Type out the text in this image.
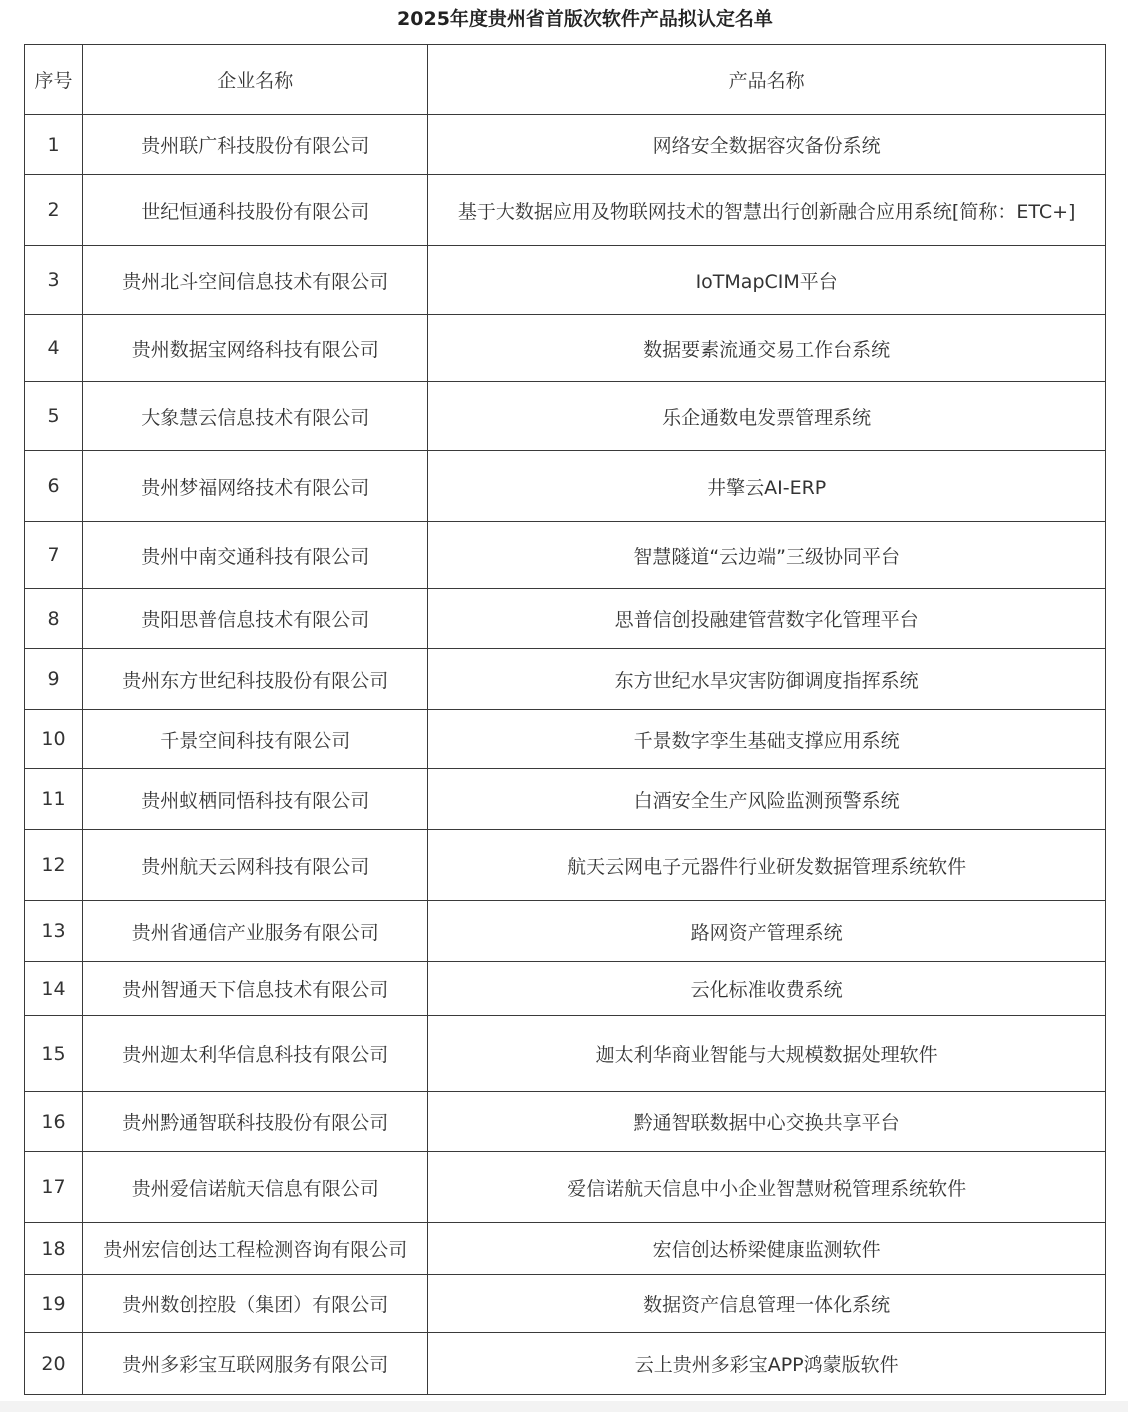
2025年度贵州省首版次软件产品拟认定名单
序号	企业名称	产品名称
1	贵州联广科技股份有限公司	网络安全数据容灾备份系统
2	世纪恒通科技股份有限公司	基于大数据应用及物联网技术的智慧出行创新融合应用系统[简称：ETC+]
3	贵州北斗空间信息技术有限公司	IoTMapCIM平台
4	贵州数据宝网络科技有限公司	数据要素流通交易工作台系统
5	大象慧云信息技术有限公司	乐企通数电发票管理系统
6	贵州梦福网络技术有限公司	井擎云AI-ERP
7	贵州中南交通科技有限公司	智慧隧道“云边端”三级协同平台
8	贵阳思普信息技术有限公司	思普信创投融建管营数字化管理平台
9	贵州东方世纪科技股份有限公司	东方世纪水旱灾害防御调度指挥系统
10	千景空间科技有限公司	千景数字孪生基础支撑应用系统
11	贵州蚁栖同悟科技有限公司	白酒安全生产风险监测预警系统
12	贵州航天云网科技有限公司	航天云网电子元器件行业研发数据管理系统软件
13	贵州省通信产业服务有限公司	路网资产管理系统
14	贵州智通天下信息技术有限公司	云化标准收费系统
15	贵州迦太利华信息科技有限公司	迦太利华商业智能与大规模数据处理软件
16	贵州黔通智联科技股份有限公司	黔通智联数据中心交换共享平台
17	贵州爱信诺航天信息有限公司	爱信诺航天信息中小企业智慧财税管理系统软件
18	贵州宏信创达工程检测咨询有限公司	宏信创达桥梁健康监测软件
19	贵州数创控股（集团）有限公司	数据资产信息管理一体化系统
20	贵州多彩宝互联网服务有限公司	云上贵州多彩宝APP鸿蒙版软件
